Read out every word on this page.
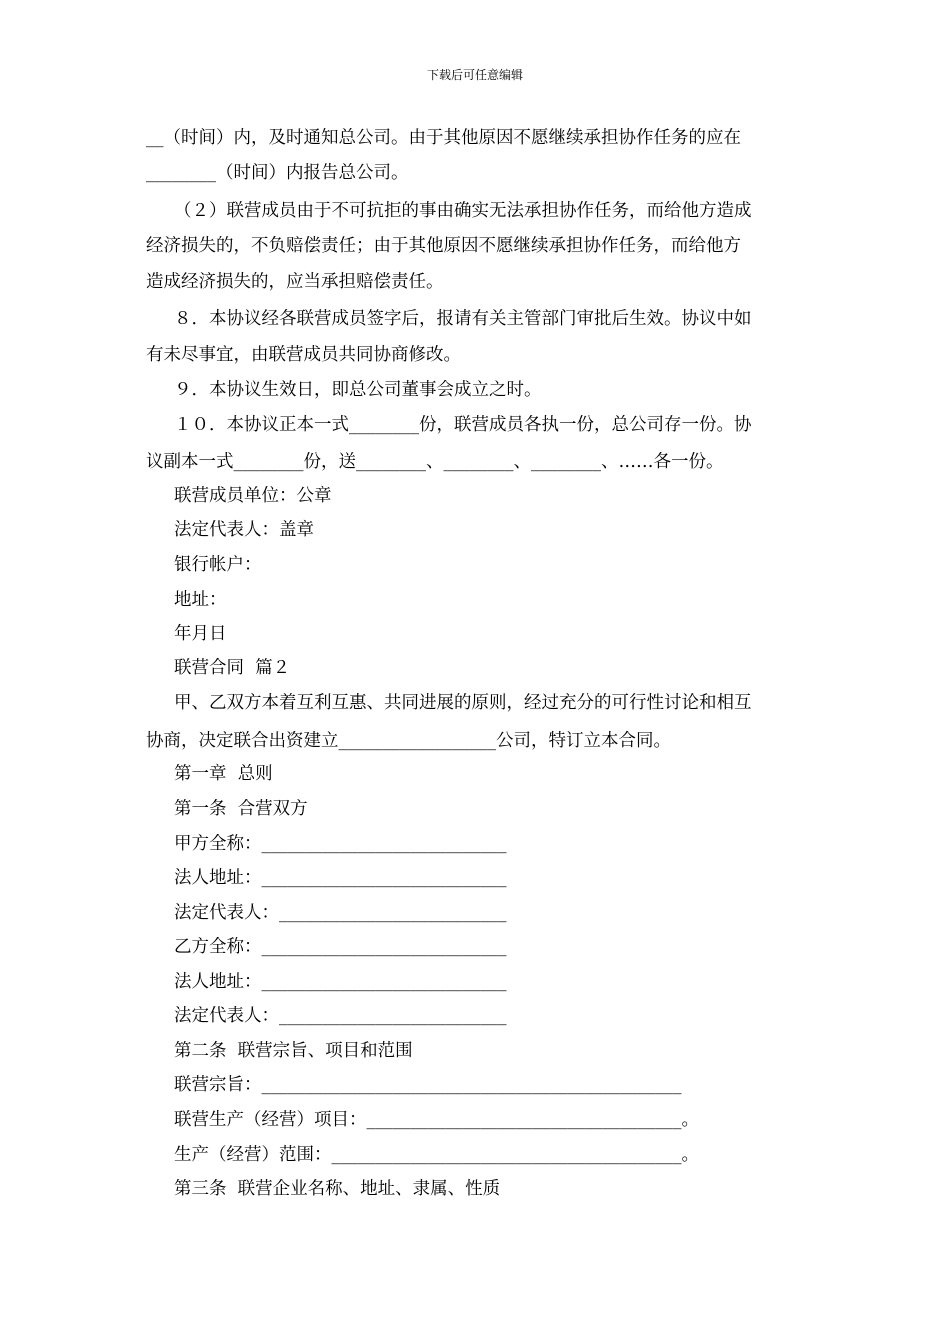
下载后可任意编辑
__（时间）内，及时通知总公司。由于其他原因不愿继续承担协作任务的应在
________（时间）内报告总公司。
（２）联营成员由于不可抗拒的事由确实无法承担协作任务，而给他方造成
经济损失的，不负赔偿责任；由于其他原因不愿继续承担协作任务，而给他方
造成经济损失的，应当承担赔偿责任。
８．本协议经各联营成员签字后，报请有关主管部门审批后生效。协议中如
有未尽事宜，由联营成员共同协商修改。
９．本协议生效日，即总公司董事会成立之时。
１０．本协议正本一式________份，联营成员各执一份，总公司存一份。协
议副本一式________份，送________、________、________、……各一份。
联营成员单位：公章
法定代表人：盖章
银行帐户：
地址：
年月日
联营合同  篇２
甲、乙双方本着互利互惠、共同进展的原则，经过充分的可行性讨论和相互
协商，决定联合出资建立__________________公司，特订立本合同。
第一章  总则
第一条  合营双方
甲方全称：____________________________
法人地址：____________________________
法定代表人：__________________________
乙方全称：____________________________
法人地址：____________________________
法定代表人：__________________________
第二条  联营宗旨、项目和范围
联营宗旨：________________________________________________
联营生产（经营）项目：____________________________________。
生产（经营）范围：________________________________________。
第三条  联营企业名称、地址、隶属、性质
